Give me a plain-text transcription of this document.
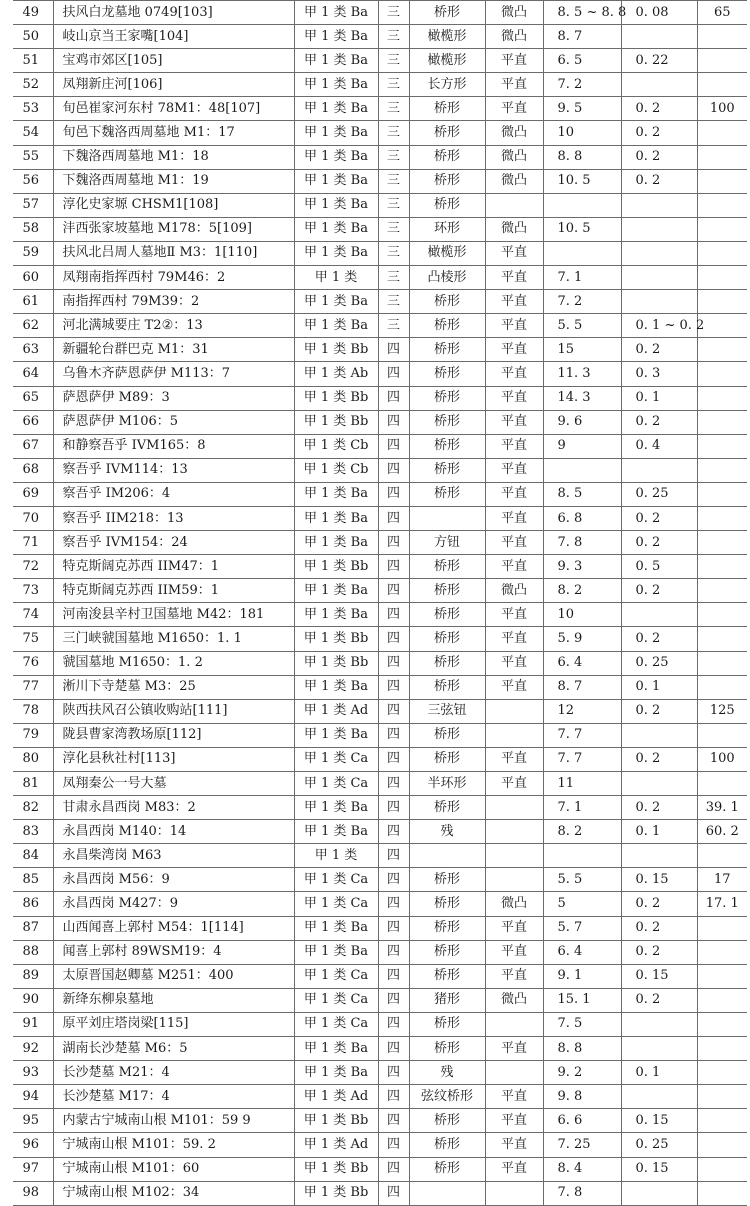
49	扶风白龙墓地 0749[103]	甲 1 类 Ba	三	桥形	微凸	8. 5 ~ 8. 8	0. 08	65
50	岐山京当王家嘴[104]	甲 1 类 Ba	三	橄榄形	微凸	8. 7		
51	宝鸡市郊区[105]	甲 1 类 Ba	三	橄榄形	平直	6. 5	0. 22	
52	凤翔新庄河[106]	甲 1 类 Ba	三	长方形	平直	7. 2		
53	旬邑崔家河东村 78M1：48[107]	甲 1 类 Ba	三	桥形	平直	9. 5	0. 2	100
54	旬邑下魏洛西周墓地 M1：17	甲 1 类 Ba	三	桥形	微凸	10	0. 2	
55	下魏洛西周墓地 M1：18	甲 1 类 Ba	三	桥形	微凸	8. 8	0. 2	
56	下魏洛西周墓地 M1：19	甲 1 类 Ba	三	桥形	微凸	10. 5	0. 2	
57	淳化史家塬 CHSM1[108]	甲 1 类 Ba	三	桥形				
58	沣西张家坡墓地 M178：5[109]	甲 1 类 Ba	三	环形	微凸	10. 5		
59	扶风北吕周人墓地Ⅱ M3：1[110]	甲 1 类 Ba	三	橄榄形	平直			
60	凤翔南指挥西村 79M46：2	甲 1 类	三	凸棱形	平直	7. 1		
61	南指挥西村 79M39：2	甲 1 类 Ba	三	桥形	平直	7. 2		
62	河北满城要庄 T2②：13	甲 1 类 Ba	三	桥形	平直	5. 5	0. 1 ~ 0. 2	
63	新疆轮台群巴克 M1：31	甲 1 类 Bb	四	桥形	平直	15	0. 2	
64	乌鲁木齐萨恩萨伊 M113：7	甲 1 类 Ab	四	桥形	平直	11. 3	0. 3	
65	萨恩萨伊 M89：3	甲 1 类 Bb	四	桥形	平直	14. 3	0. 1	
66	萨恩萨伊 M106：5	甲 1 类 Bb	四	桥形	平直	9. 6	0. 2	
67	和静察吾乎 IVM165：8	甲 1 类 Cb	四	桥形	平直	9	0. 4	
68	察吾乎 IVM114：13	甲 1 类 Cb	四	桥形	平直			
69	察吾乎 IM206：4	甲 1 类 Ba	四	桥形	平直	8. 5	0. 25	
70	察吾乎 IIM218：13	甲 1 类 Ba	四		平直	6. 8	0. 2	
71	察吾乎 IVM154：24	甲 1 类 Ba	四	方钮	平直	7. 8	0. 2	
72	特克斯阔克苏西 IIM47：1	甲 1 类 Bb	四	桥形	平直	9. 3	0. 5	
73	特克斯阔克苏西 IIM59：1	甲 1 类 Ba	四	桥形	微凸	8. 2	0. 2	
74	河南浚县辛村卫国墓地 M42：181	甲 1 类 Ba	四	桥形	平直	10		
75	三门峡虢国墓地 M1650：1. 1	甲 1 类 Bb	四	桥形	平直	5. 9	0. 2	
76	虢国墓地 M1650：1. 2	甲 1 类 Bb	四	桥形	平直	6. 4	0. 25	
77	淅川下寺楚墓 M3：25	甲 1 类 Ba	四	桥形	平直	8. 7	0. 1	
78	陕西扶风召公镇收购站[111]	甲 1 类 Ad	四	三弦钮		12	0. 2	125
79	陇县曹家湾教场原[112]	甲 1 类 Ba	四	桥形		7. 7		
80	淳化县秋社村[113]	甲 1 类 Ca	四	桥形	平直	7. 7	0. 2	100
81	凤翔秦公一号大墓	甲 1 类 Ca	四	半环形	平直	11		
82	甘肃永昌西岗 M83：2	甲 1 类 Ba	四	桥形		7. 1	0. 2	39. 1
83	永昌西岗 M140：14	甲 1 类 Ba	四	残		8. 2	0. 1	60. 2
84	永昌柴湾岗 M63	甲 1 类	四					
85	永昌西岗 M56：9	甲 1 类 Ca	四	桥形		5. 5	0. 15	17
86	永昌西岗 M427：9	甲 1 类 Ca	四	桥形	微凸	5	0. 2	17. 1
87	山西闻喜上郭村 M54：1[114]	甲 1 类 Ba	四	桥形	平直	5. 7	0. 2	
88	闻喜上郭村 89WSM19：4	甲 1 类 Ba	四	桥形	平直	6. 4	0. 2	
89	太原晋国赵卿墓 M251：400	甲 1 类 Ca	四	桥形	平直	9. 1	0. 15	
90	新绛东柳泉墓地	甲 1 类 Ca	四	猪形	微凸	15. 1	0. 2	
91	原平刘庄塔岗梁[115]	甲 1 类 Ca	四	桥形		7. 5		
92	湖南长沙楚墓 M6：5	甲 1 类 Ba	四	桥形	平直	8. 8		
93	长沙楚墓 M21：4	甲 1 类 Ba	四	残		9. 2	0. 1	
94	长沙楚墓 M17：4	甲 1 类 Ad	四	弦纹桥形	平直	9. 8		
95	内蒙古宁城南山根 M101：59 9	甲 1 类 Bb	四	桥形	平直	6. 6	0. 15	
96	宁城南山根 M101：59. 2	甲 1 类 Ad	四	桥形	平直	7. 25	0. 25	
97	宁城南山根 M101：60	甲 1 类 Bb	四	桥形	平直	8. 4	0. 15	
98	宁城南山根 M102：34	甲 1 类 Bb	四			7. 8		
